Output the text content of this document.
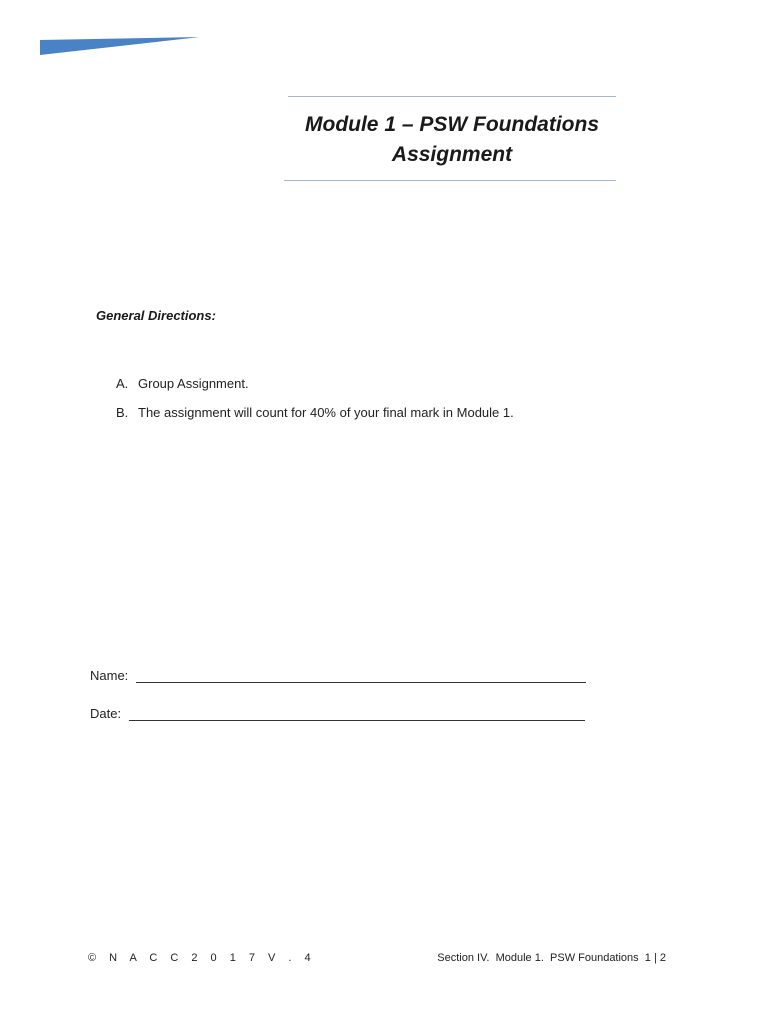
Module 1 – PSW Foundations
Assignment
General Directions:
A. Group Assignment.
B. The assignment will count for 40% of your final mark in Module 1.
Name:
Date:
© N A C C 2 0 1 7 V . 4	Section IV.  Module 1.  PSW Foundations  1 | 2
